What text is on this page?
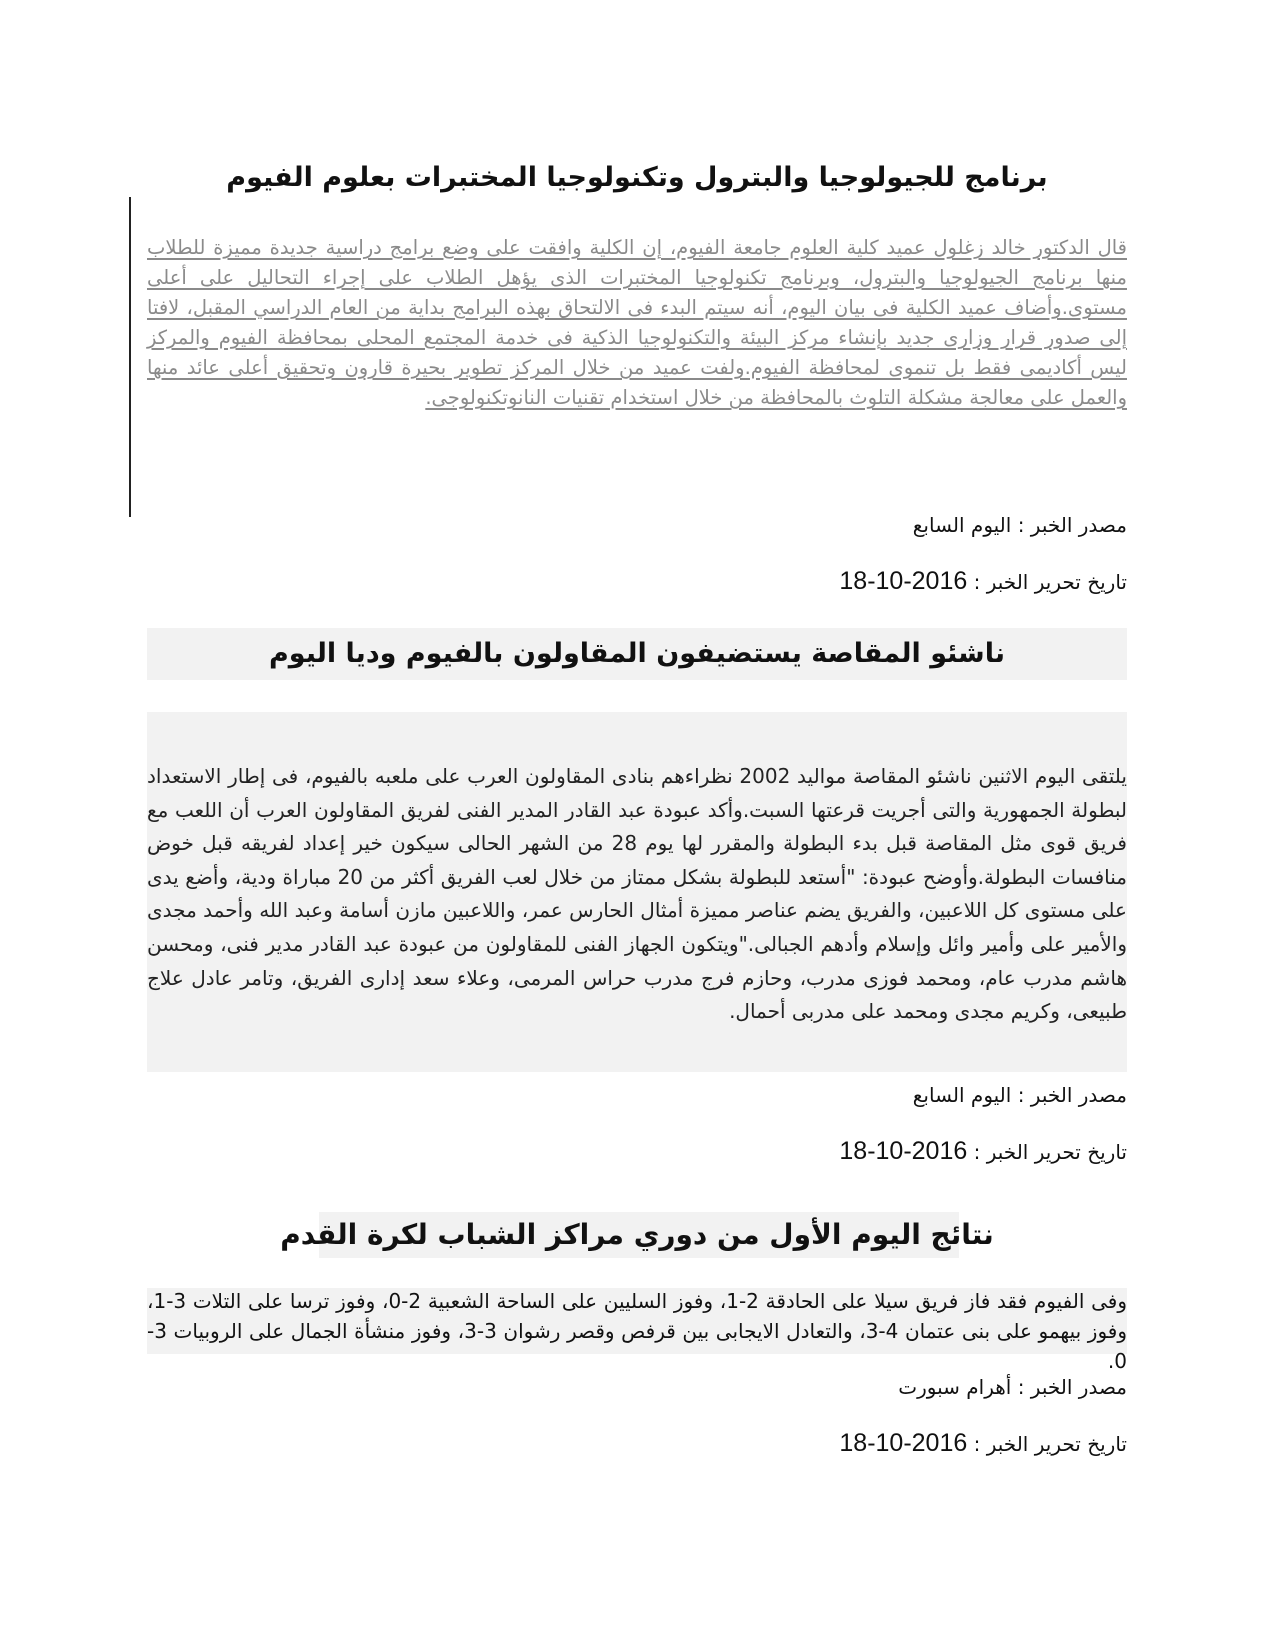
برنامج للجيولوجيا والبترول وتكنولوجيا المختبرات بعلوم الفيوم
قال الدكتور خالد زغلول عميد كلية العلوم جامعة الفيوم، إن الكلية وافقت على وضع برامج دراسية جديدة مميزة للطلاب منها برنامج الجيولوجيا والبترول، وبرنامج تكنولوجيا المختبرات الذى يؤهل الطلاب على إجراء التحاليل على أعلى مستوى.وأضاف عميد الكلية فى بيان اليوم، أنه سيتم البدء فى الالتحاق بهذه البرامج بداية من العام الدراسي المقبل، لافتا إلى صدور قرار وزارى جديد بإنشاء مركز البيئة والتكنولوجيا الذكية فى خدمة المجتمع المحلى بمحافظة الفيوم والمركز ليس أكاديمى فقط بل تنموى لمحافظة الفيوم.ولفت عميد من خلال المركز تطوير بحيرة قارون وتحقيق أعلى عائد منها والعمل على معالجة مشكلة التلوث بالمحافظة من خلال استخدام تقنيات النانوتكنولوجى.
مصدر الخبر : اليوم السابع
تاريخ تحرير الخبر : 2016-10-18
ناشئو المقاصة يستضيفون المقاولون بالفيوم وديا اليوم
يلتقى اليوم الاثنين ناشئو المقاصة مواليد 2002 نظراءهم بنادى المقاولون العرب على ملعبه بالفيوم، فى إطار الاستعداد لبطولة الجمهورية والتى أجريت قرعتها السبت.وأكد عبودة عبد القادر المدير الفنى لفريق المقاولون العرب أن اللعب مع فريق قوى مثل المقاصة قبل بدء البطولة والمقرر لها يوم 28 من الشهر الحالى سيكون خير إعداد لفريقه قبل خوض منافسات البطولة.وأوضح عبودة: "أستعد للبطولة بشكل ممتاز من خلال لعب الفريق أكثر من 20 مباراة ودية، وأضع يدى على مستوى كل اللاعبين، والفريق يضم عناصر مميزة أمثال الحارس عمر، واللاعبين مازن أسامة وعبد الله وأحمد مجدى والأمير على وأمير وائل وإسلام وأدهم الجبالى."ويتكون الجهاز الفنى للمقاولون من عبودة عبد القادر مدير فنى، ومحسن هاشم مدرب عام، ومحمد فوزى مدرب، وحازم فرج مدرب حراس المرمى، وعلاء سعد إدارى الفريق، وتامر عادل علاج طبيعى، وكريم مجدى ومحمد على مدربى أحمال.
مصدر الخبر : اليوم السابع
تاريخ تحرير الخبر : 2016-10-18
نتائج اليوم الأول من دوري مراكز الشباب لكرة القدم
وفى الفيوم فقد فاز فريق سيلا على الحادقة 2-1، وفوز السليين على الساحة الشعبية 2-0، وفوز ترسا على التلات 3-1، وفوز بيهمو على بنى عتمان 4-3، والتعادل الايجابى بين قرفص وقصر رشوان 3-3، وفوز منشأة الجمال على الروبيات 3-0.
مصدر الخبر : أهرام سبورت
تاريخ تحرير الخبر : 2016-10-18
